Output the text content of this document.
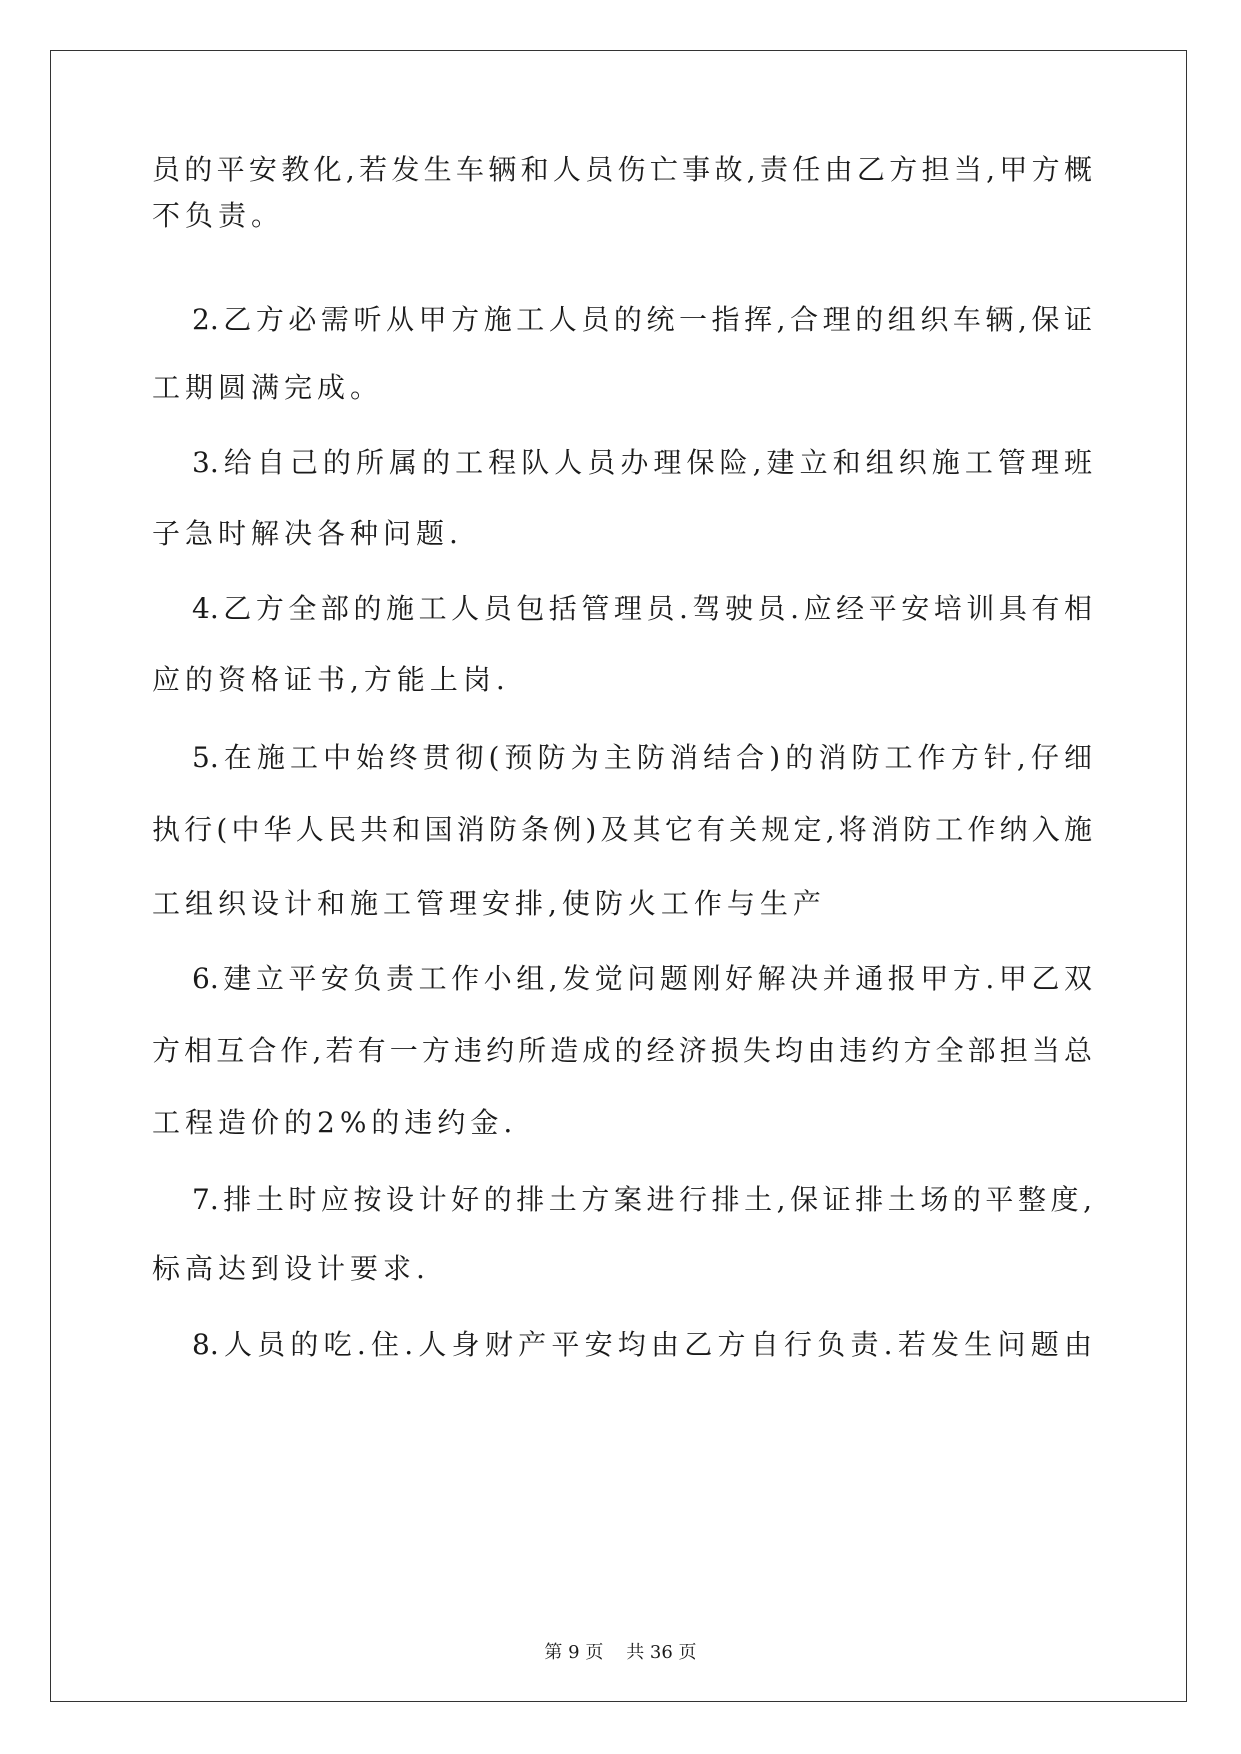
员的平安教化,若发生车辆和人员伤亡事故,责任由乙方担当,甲方概
不负责。
2.乙方必需听从甲方施工人员的统一指挥,合理的组织车辆,保证
工期圆满完成。
3.给自己的所属的工程队人员办理保险,建立和组织施工管理班
子急时解决各种问题.
4.乙方全部的施工人员包括管理员.驾驶员.应经平安培训具有相
应的资格证书,方能上岗.
5.在施工中始终贯彻(预防为主防消结合)的消防工作方针,仔细
执行(中华人民共和国消防条例)及其它有关规定,将消防工作纳入施
工组织设计和施工管理安排,使防火工作与生产
6.建立平安负责工作小组,发觉问题刚好解决并通报甲方.甲乙双
方相互合作,若有一方违约所造成的经济损失均由违约方全部担当总
工程造价的2%的违约金.
7.排土时应按设计好的排土方案进行排土,保证排土场的平整度,
标高达到设计要求.
8.人员的吃.住.人身财产平安均由乙方自行负责.若发生问题由
第 9 页    共 36 页
